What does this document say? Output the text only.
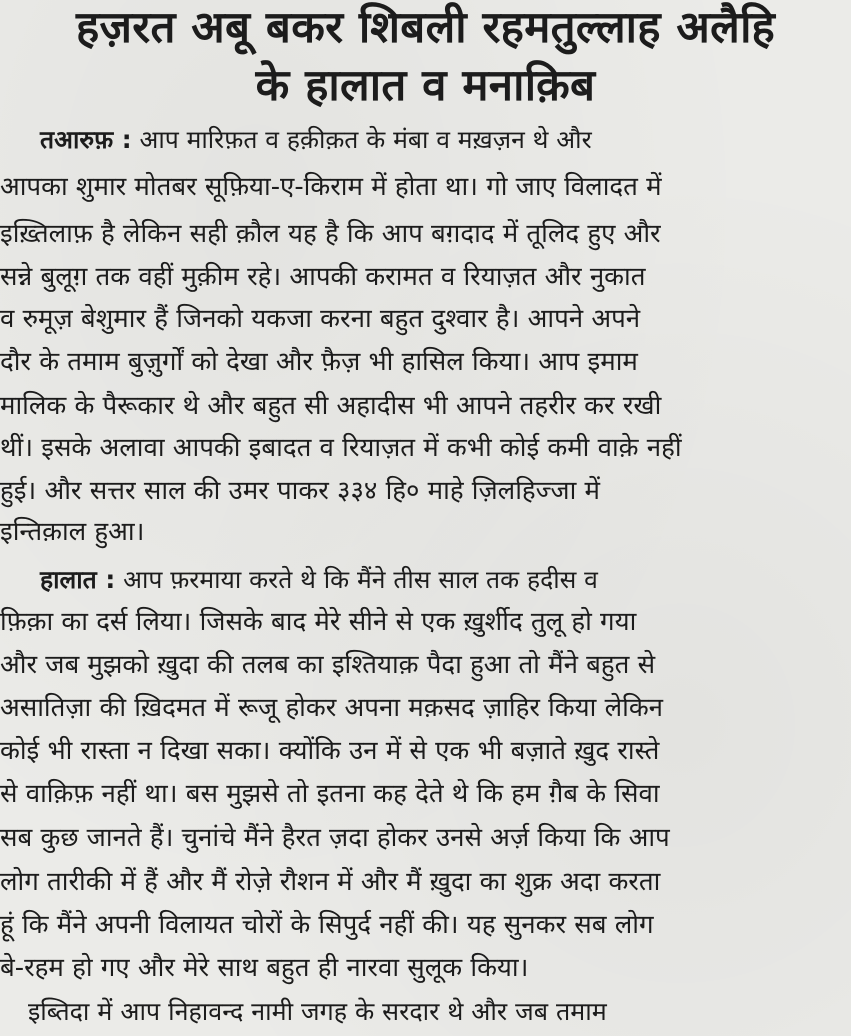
हज़रत अबू बकर शिबली रहमतुल्लाह अलैहि
के हालात व मनाक़िब
तआरुफ़ : आप मारिफ़त व हक़ीक़त के मंबा व मख़ज़न थे और
आपका शुमार मोतबर सूफ़िया-ए-किराम में होता था। गो जाए विलादत में
इख़्तिलाफ़ है लेकिन सही क़ौल यह है कि आप बग़दाद में तूलिद हुए और
सन्ने बुलूग़ तक वहीं मुक़ीम रहे। आपकी करामत व रियाज़त और नुकात
व रुमूज़ बेशुमार हैं जिनको यकजा करना बहुत दुश्वार है। आपने अपने
दौर के तमाम बुज़ुर्गों को देखा और फ़ैज़ भी हासिल किया। आप इमाम
मालिक के पैरूकार थे और बहुत सी अहादीस भी आपने तहरीर कर रखी
थीं। इसके अलावा आपकी इबादत व रियाज़त में कभी कोई कमी वाक़े नहीं
हुई। और सत्तर साल की उमर पाकर ३३४ हि० माहे ज़िलहिज्जा में
इन्तिक़ाल हुआ।
हालात : आप फ़रमाया करते थे कि मैंने तीस साल तक हदीस व
फ़िक़ा का दर्स लिया। जिसके बाद मेरे सीने से एक ख़ुर्शीद तुलू हो गया
और जब मुझको ख़ुदा की तलब का इश्तियाक़ पैदा हुआ तो मैंने बहुत से
असातिज़ा की ख़िदमत में रूजू होकर अपना मक़सद ज़ाहिर किया लेकिन
कोई भी रास्ता न दिखा सका। क्योंकि उन में से एक भी बज़ाते ख़ुद रास्ते
से वाक़िफ़ नहीं था। बस मुझसे तो इतना कह देते थे कि हम ग़ैब के सिवा
सब कुछ जानते हैं। चुनांचे मैंने हैरत ज़दा होकर उनसे अर्ज़ किया कि आप
लोग तारीकी में हैं और मैं रोज़े रौशन में और मैं ख़ुदा का शुक्र अदा करता
हूं कि मैंने अपनी विलायत चोरों के सिपुर्द नहीं की। यह सुनकर सब लोग
बे-रहम हो गए और मेरे साथ बहुत ही नारवा सुलूक किया।
इब्तिदा में आप निहावन्द नामी जगह के सरदार थे और जब तमाम
